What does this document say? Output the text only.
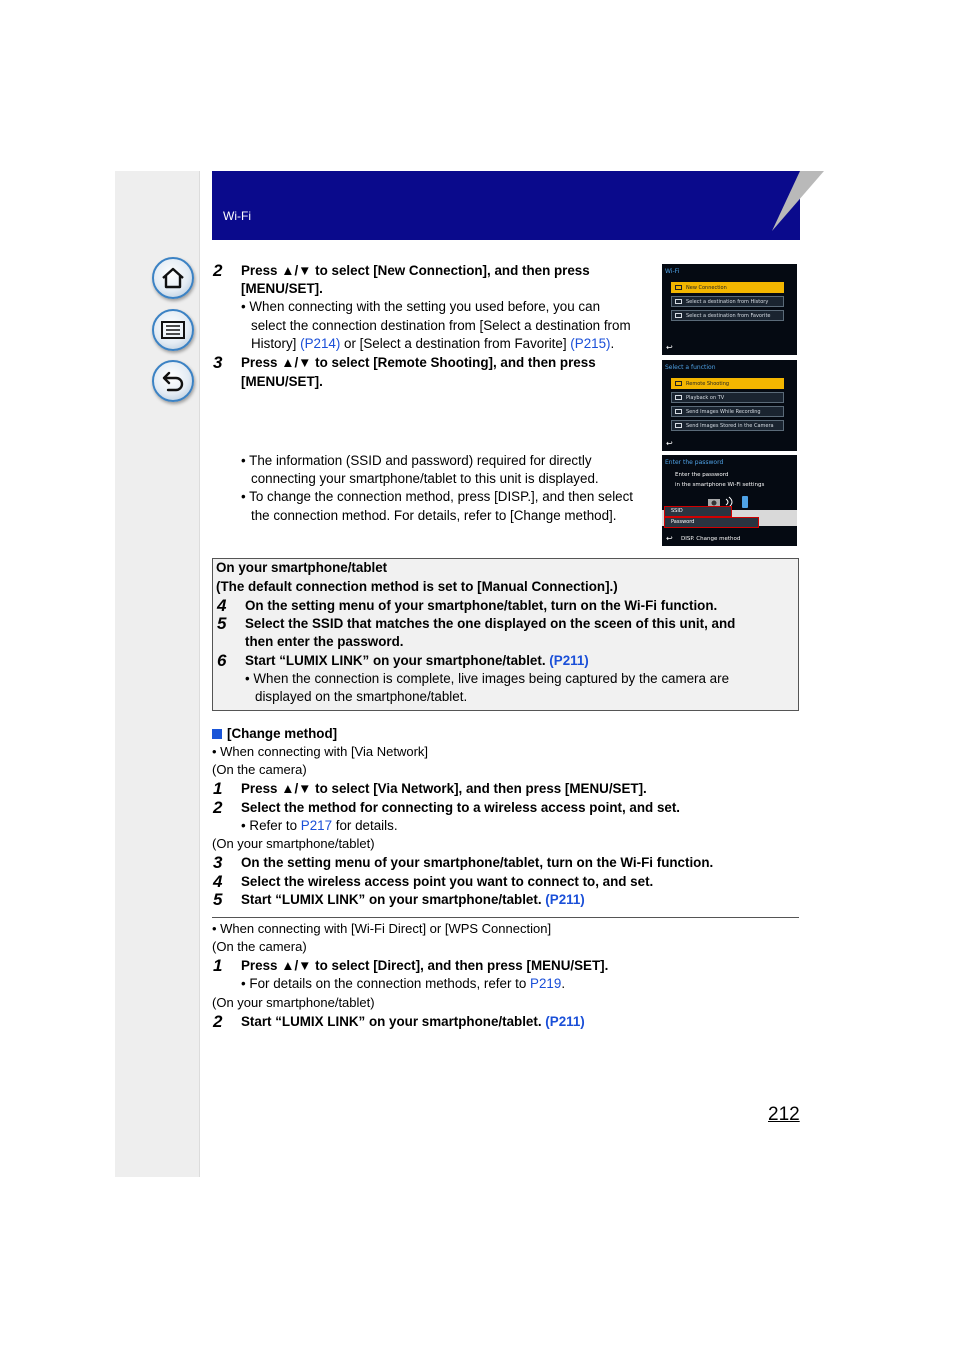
Wi-Fi
2 Press ▲/▼ to select [New Connection], and then press
[MENU/SET].
• When connecting with the setting you used before, you can
select the connection destination from [Select a destination from
History] (P214) or [Select a destination from Favorite] (P215).
3 Press ▲/▼ to select [Remote Shooting], and then press
[MENU/SET].
• The information (SSID and password) required for directly
connecting your smartphone/tablet to this unit is displayed.
• To change the connection method, press [DISP.], and then select
the connection method. For details, refer to [Change method].
Wi-Fi
New Connection
Select a destination from History
Select a destination from Favorite
↩
Select a function
Remote Shooting
Playback on TV
Send Images While Recording
Send Images Stored in the Camera
↩
Enter the password
Enter the password
in the smartphone Wi-Fi settings
SSID
Password
↩ DISP. Change method
On your smartphone/tablet
(The default connection method is set to [Manual Connection].)
4 On the setting menu of your smartphone/tablet, turn on the Wi-Fi function.
5 Select the SSID that matches the one displayed on the sceen of this unit, and
then enter the password.
6 Start “LUMIX LINK” on your smartphone/tablet. (P211)
• When the connection is complete, live images being captured by the camera are
displayed on the smartphone/tablet.
[Change method]
• When connecting with [Via Network]
(On the camera)
1 Press ▲/▼ to select [Via Network], and then press [MENU/SET].
2 Select the method for connecting to a wireless access point, and set.
• Refer to P217 for details.
(On your smartphone/tablet)
3 On the setting menu of your smartphone/tablet, turn on the Wi-Fi function.
4 Select the wireless access point you want to connect to, and set.
5 Start “LUMIX LINK” on your smartphone/tablet. (P211)
• When connecting with [Wi-Fi Direct] or [WPS Connection]
(On the camera)
1 Press ▲/▼ to select [Direct], and then press [MENU/SET].
• For details on the connection methods, refer to P219.
(On your smartphone/tablet)
2 Start “LUMIX LINK” on your smartphone/tablet. (P211)
212
